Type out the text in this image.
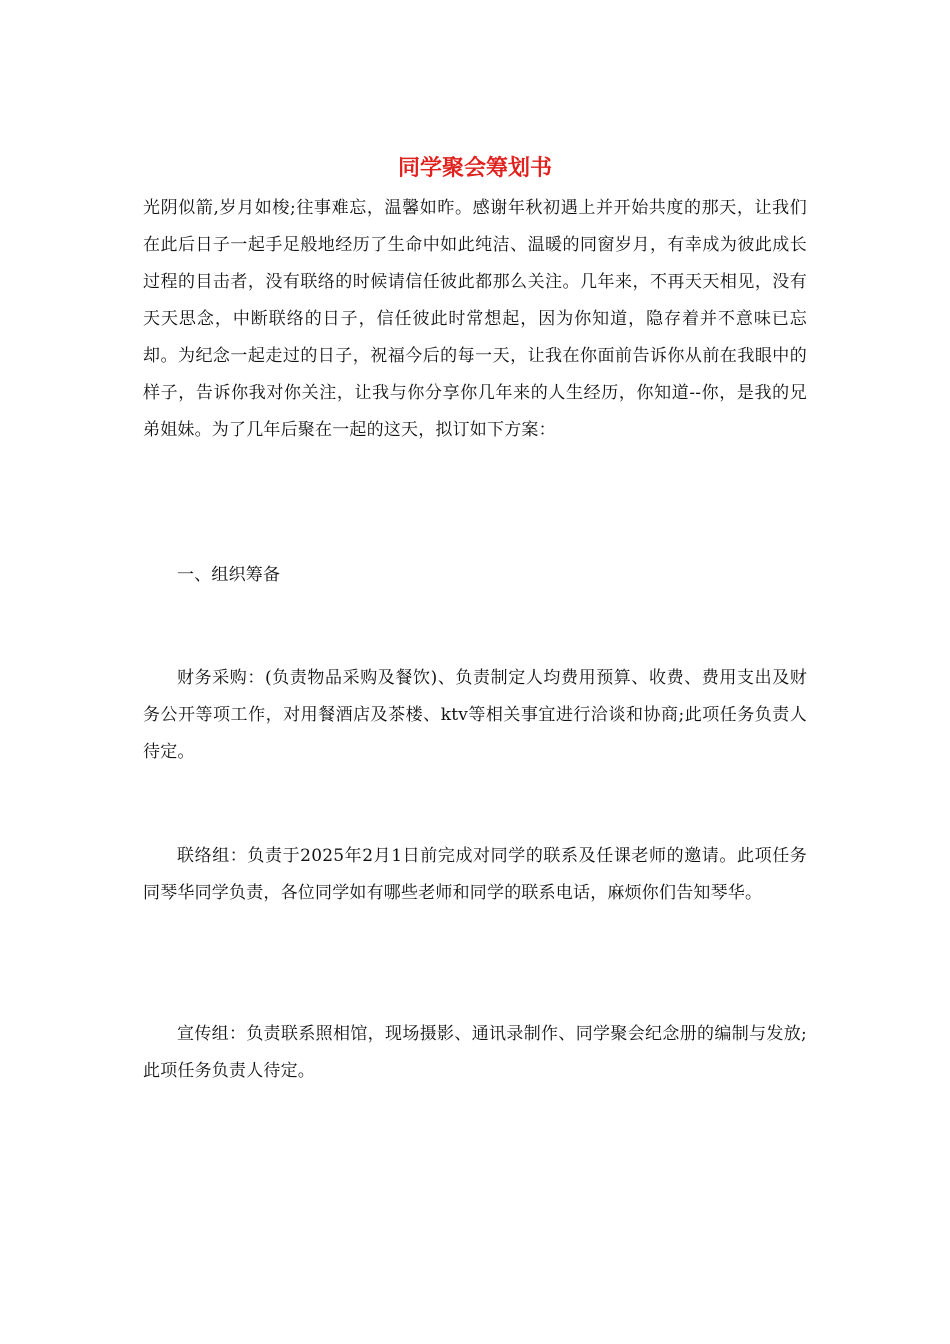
同学聚会筹划书

光阴似箭,岁月如梭;往事难忘，温馨如昨。感谢年秋初遇上并开始共度的那天，让我们在此后日子一起手足般地经历了生命中如此纯洁、温暖的同窗岁月，有幸成为彼此成长过程的目击者，没有联络的时候请信任彼此都那么关注。几年来，不再天天相见，没有天天思念，中断联络的日子，信任彼此时常想起，因为你知道，隐存着并不意味已忘却。为纪念一起走过的日子，祝福今后的每一天，让我在你面前告诉你从前在我眼中的样子，告诉你我对你关注，让我与你分享你几年来的人生经历，你知道--你，是我的兄弟姐妹。为了几年后聚在一起的这天，拟订如下方案：

一、组织筹备

财务采购：(负责物品采购及餐饮)、负责制定人均费用预算、收费、费用支出及财务公开等项工作，对用餐酒店及茶楼、ktv等相关事宜进行洽谈和协商;此项任务负责人待定。

联络组：负责于2025年2月1日前完成对同学的联系及任课老师的邀请。此项任务同琴华同学负责，各位同学如有哪些老师和同学的联系电话，麻烦你们告知琴华。

宣传组：负责联系照相馆，现场摄影、通讯录制作、同学聚会纪念册的编制与发放;此项任务负责人待定。
